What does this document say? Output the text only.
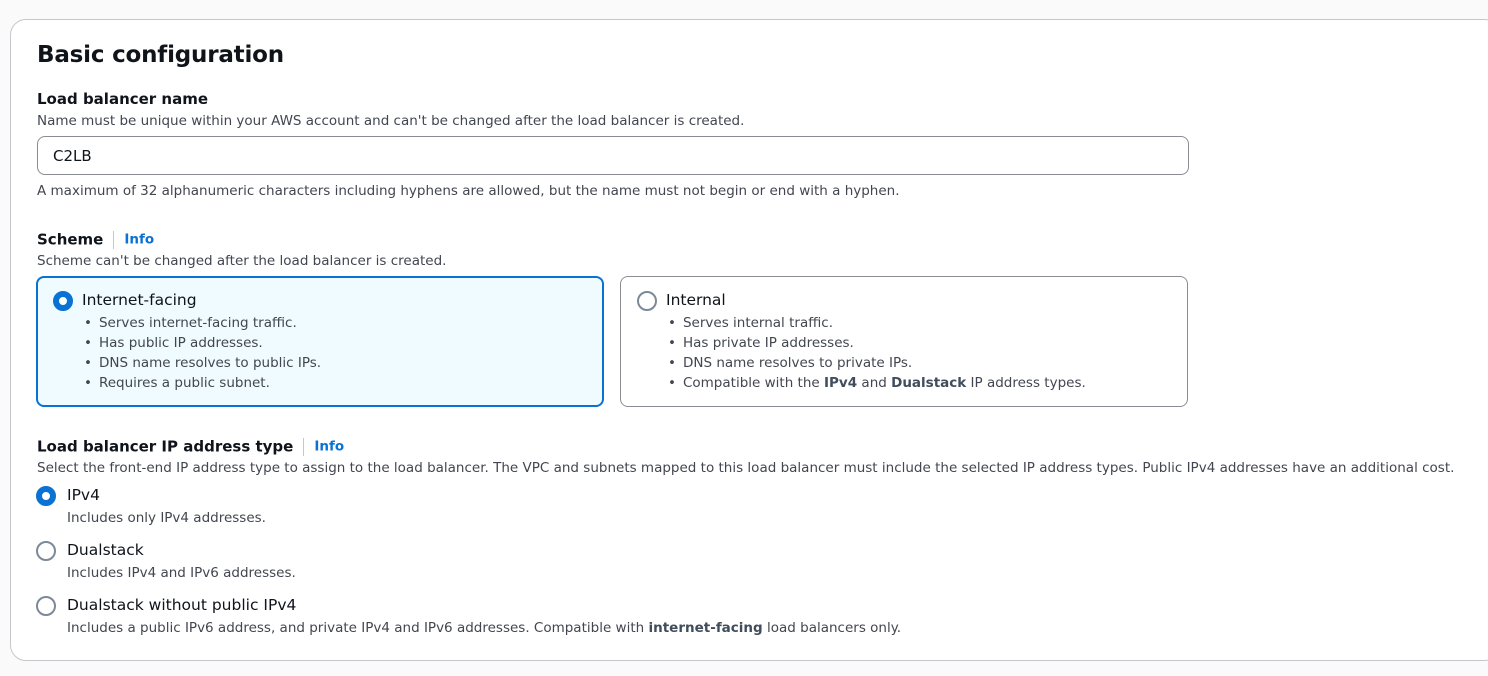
Basic configuration
Load balancer name
Name must be unique within your AWS account and can't be changed after the load balancer is created.
C2LB
A maximum of 32 alphanumeric characters including hyphens are allowed, but the name must not begin or end with a hyphen.
Scheme Info
Scheme can't be changed after the load balancer is created.
Internet-facing
• Serves internet-facing traffic.
• Has public IP addresses.
• DNS name resolves to public IPs.
• Requires a public subnet.
Internal
• Serves internal traffic.
• Has private IP addresses.
• DNS name resolves to private IPs.
• Compatible with the IPv4 and Dualstack IP address types.
Load balancer IP address type Info
Select the front-end IP address type to assign to the load balancer. The VPC and subnets mapped to this load balancer must include the selected IP address types. Public IPv4 addresses have an additional cost.
IPv4
Includes only IPv4 addresses.
Dualstack
Includes IPv4 and IPv6 addresses.
Dualstack without public IPv4
Includes a public IPv6 address, and private IPv4 and IPv6 addresses. Compatible with internet-facing load balancers only.
